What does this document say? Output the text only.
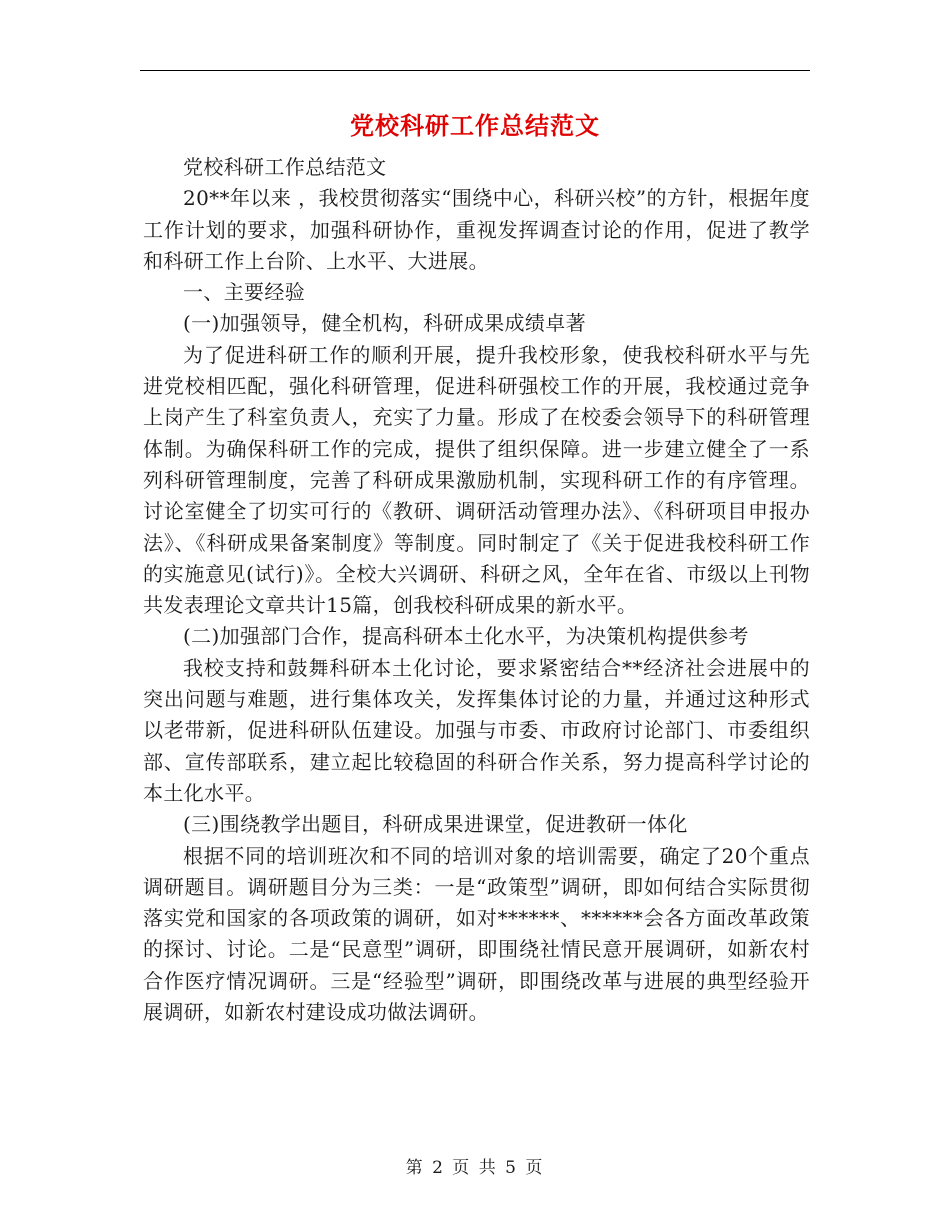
党校科研工作总结范文

党校科研工作总结范文

20**年以来 ，我校贯彻落实“围绕中心，科研兴校”的方针，根据年度工作计划的要求，加强科研协作，重视发挥调查讨论的作用，促进了教学和科研工作上台阶、上水平、大进展。

一、主要经验

(一)加强领导，健全机构，科研成果成绩卓著

为了促进科研工作的顺利开展，提升我校形象，使我校科研水平与先进党校相匹配，强化科研管理，促进科研强校工作的开展，我校通过竞争上岗产生了科室负责人，充实了力量。形成了在校委会领导下的科研管理体制。为确保科研工作的完成，提供了组织保障。进一步建立健全了一系列科研管理制度，完善了科研成果激励机制，实现科研工作的有序管理。讨论室健全了切实可行的《教研、调研活动管理办法》、《科研项目申报办法》、《科研成果备案制度》等制度。同时制定了《关于促进我校科研工作的实施意见(试行)》。全校大兴调研、科研之风，全年在省、市级以上刊物共发表理论文章共计15篇，创我校科研成果的新水平。

(二)加强部门合作，提高科研本土化水平，为决策机构提供参考

我校支持和鼓舞科研本土化讨论，要求紧密结合**经济社会进展中的突出问题与难题，进行集体攻关，发挥集体讨论的力量，并通过这种形式以老带新，促进科研队伍建设。加强与市委、市政府讨论部门、市委组织部、宣传部联系，建立起比较稳固的科研合作关系，努力提高科学讨论的本土化水平。

(三)围绕教学出题目，科研成果进课堂，促进教研一体化

根据不同的培训班次和不同的培训对象的培训需要，确定了20个重点调研题目。调研题目分为三类：一是“政策型”调研，即如何结合实际贯彻落实党和国家的各项政策的调研，如对******、******会各方面改革政策的探讨、讨论。二是“民意型”调研，即围绕社情民意开展调研，如新农村合作医疗情况调研。三是“经验型”调研，即围绕改革与进展的典型经验开展调研，如新农村建设成功做法调研。

第 2 页 共 5 页
